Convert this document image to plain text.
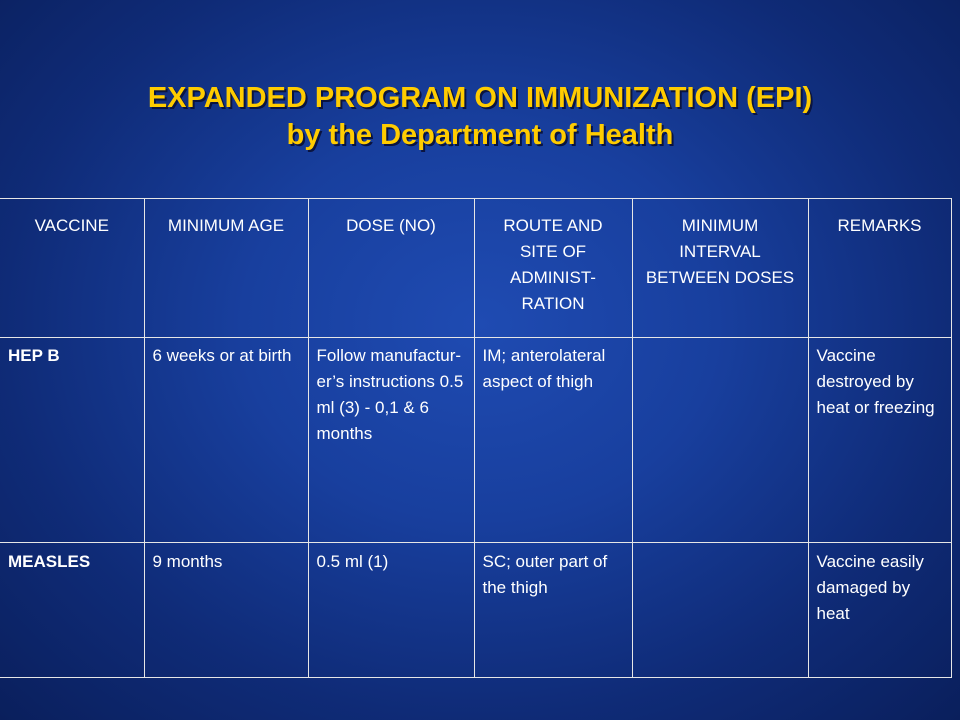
EXPANDED PROGRAM ON IMMUNIZATION (EPI)
by the Department of Health
VACCINE	MINIMUM AGE	DOSE (NO)	ROUTE AND SITE OF ADMINIST-RATION	MINIMUM INTERVAL BETWEEN DOSES	REMARKS
HEP B	6 weeks or at birth	Follow manufactur-er’s instructions 0.5 ml (3) - 0,1 & 6 months	IM; anterolateral aspect of thigh		Vaccine destroyed by heat or freezing
MEASLES	9 months	0.5 ml (1)	SC; outer part of the thigh		Vaccine easily damaged by heat
